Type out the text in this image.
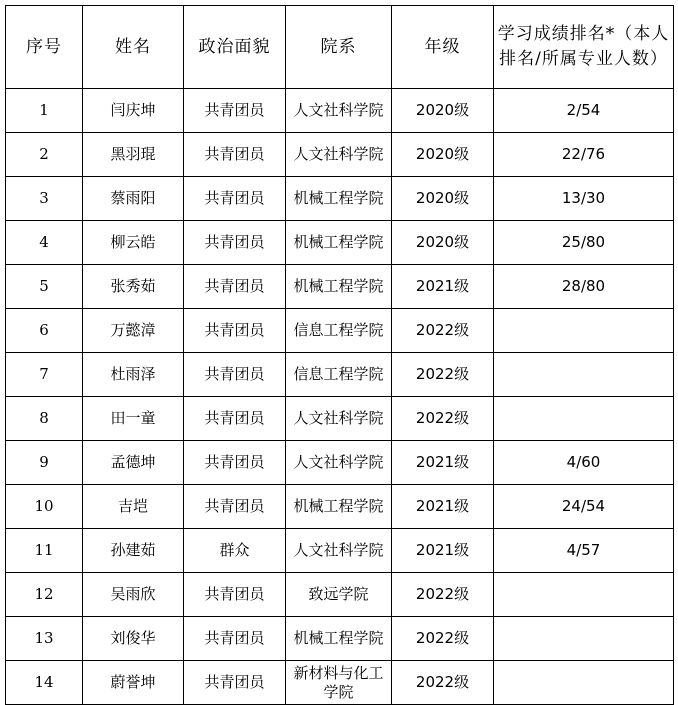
序号	姓名	政治面貌	院系	年级	学习成绩排名*（本人排名/所属专业人数）
1	闫庆坤	共青团员	人文社科学院	2020级	2/54
2	黑羽琨	共青团员	人文社科学院	2020级	22/76
3	蔡雨阳	共青团员	机械工程学院	2020级	13/30
4	柳云皓	共青团员	机械工程学院	2020级	25/80
5	张秀茹	共青团员	机械工程学院	2021级	28/80
6	万懿漳	共青团员	信息工程学院	2022级	
7	杜雨泽	共青团员	信息工程学院	2022级	
8	田一童	共青团员	人文社科学院	2022级	
9	孟德坤	共青团员	人文社科学院	2021级	4/60
10	吉垲	共青团员	机械工程学院	2021级	24/54
11	孙建茹	群众	人文社科学院	2021级	4/57
12	吴雨欣	共青团员	致远学院	2022级	
13	刘俊华	共青团员	机械工程学院	2022级	
14	蔚誉坤	共青团员	新材料与化工学院	2022级	
